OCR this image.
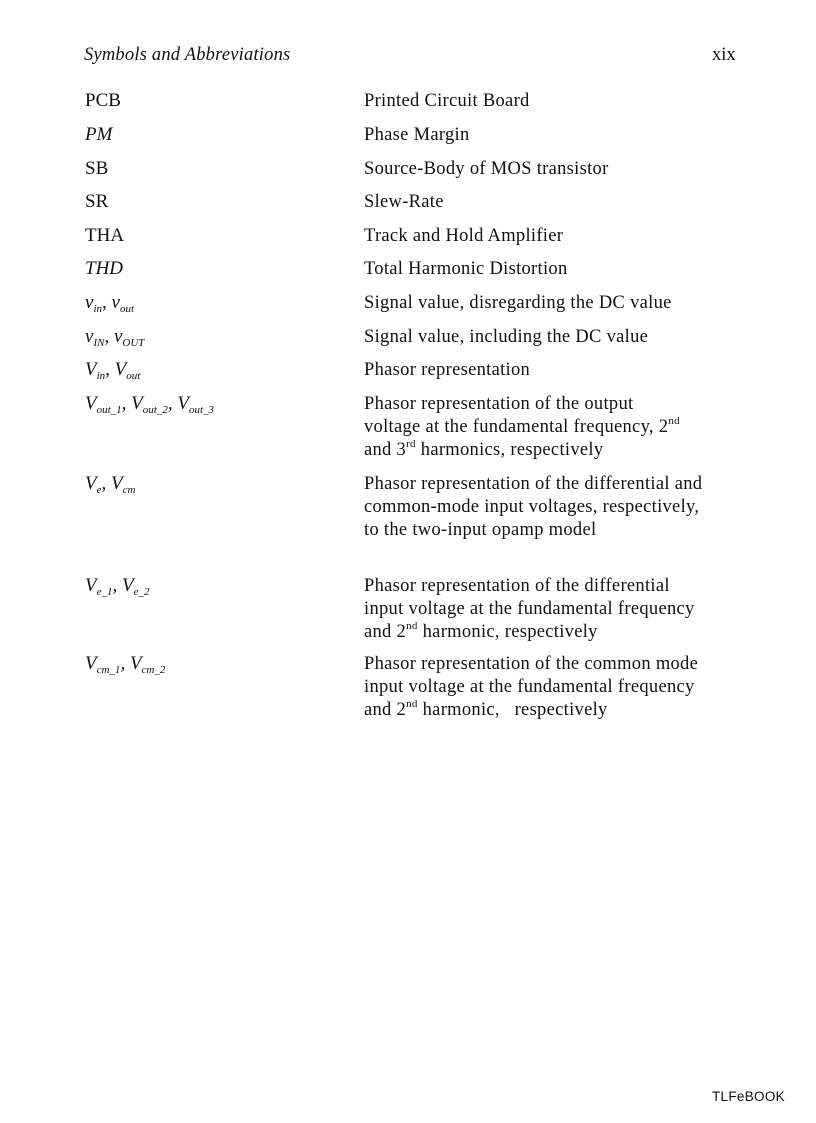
Symbols and Abbreviations	xix
PCB	Printed Circuit Board
PM	Phase Margin
SB	Source-Body of MOS transistor
SR	Slew-Rate
THA	Track and Hold Amplifier
THD	Total Harmonic Distortion
$v_{in}$, $v_{out}$	Signal value, disregarding the DC value
$v_{IN}$, $v_{OUT}$	Signal value, including the DC value
$V_{in}$, $V_{out}$	Phasor representation
$V_{out\_1}$, $V_{out\_2}$, $V_{out\_3}$	Phasor representation of the output
voltage at the fundamental frequency, 2nd
and 3rd harmonics, respectively
$V_e$, $V_{cm}$	Phasor representation of the differential and common-mode input voltages, respectively, to the two-input opamp model
$V_{e\_1}$, $V_{e\_2}$	Phasor representation of the differential input voltage at the fundamental frequency and 2nd harmonic, respectively
$V_{cm\_1}$, $V_{cm\_2}$	Phasor representation of the common mode input voltage at the fundamental frequency  and 2nd harmonic,   respectively
TLFeBOOK
